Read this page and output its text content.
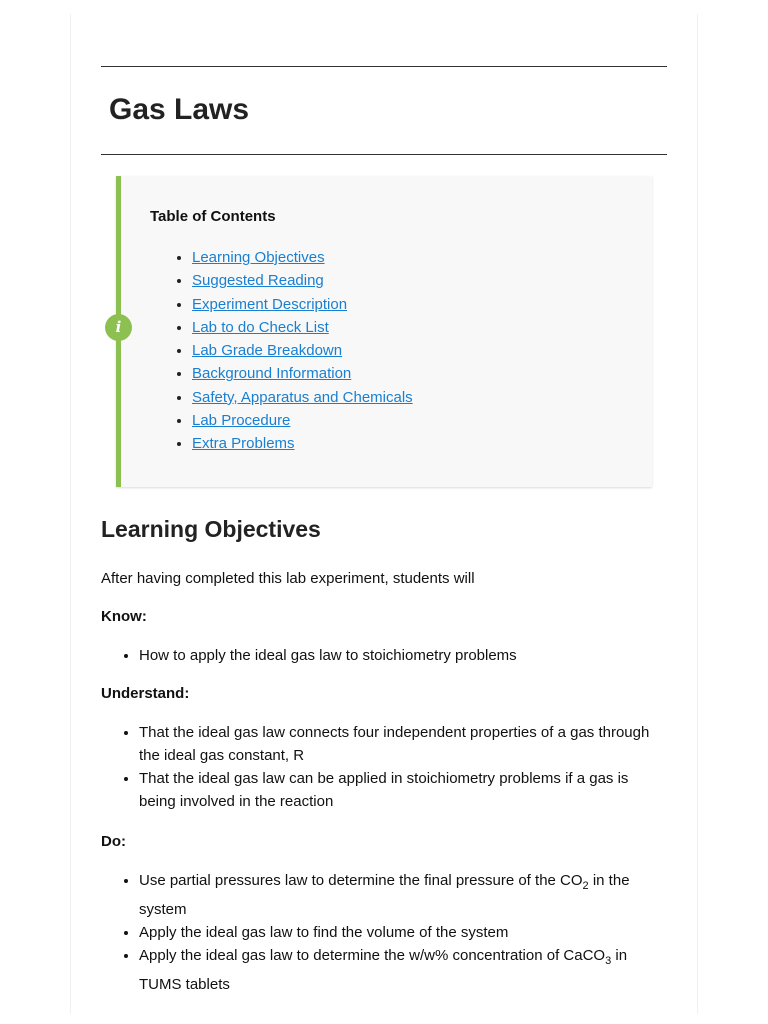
Gas Laws
i
Table of Contents
• Learning Objectives
• Suggested Reading
• Experiment Description
• Lab to do Check List
• Lab Grade Breakdown
• Background Information
• Safety, Apparatus and Chemicals
• Lab Procedure
• Extra Problems
Learning Objectives

After having completed this lab experiment, students will

Know:

• How to apply the ideal gas law to stoichiometry problems

Understand:

• That the ideal gas law connects four independent properties of a gas through the ideal gas constant, R
• That the ideal gas law can be applied in stoichiometry problems if a gas is being involved in the reaction

Do:

• Use partial pressures law to determine the final pressure of the $CO_2$ in the system
• Apply the ideal gas law to find the volume of the system
• Apply the ideal gas law to determine the w/w% concentration of CaCO$_3$ in TUMS tablets
